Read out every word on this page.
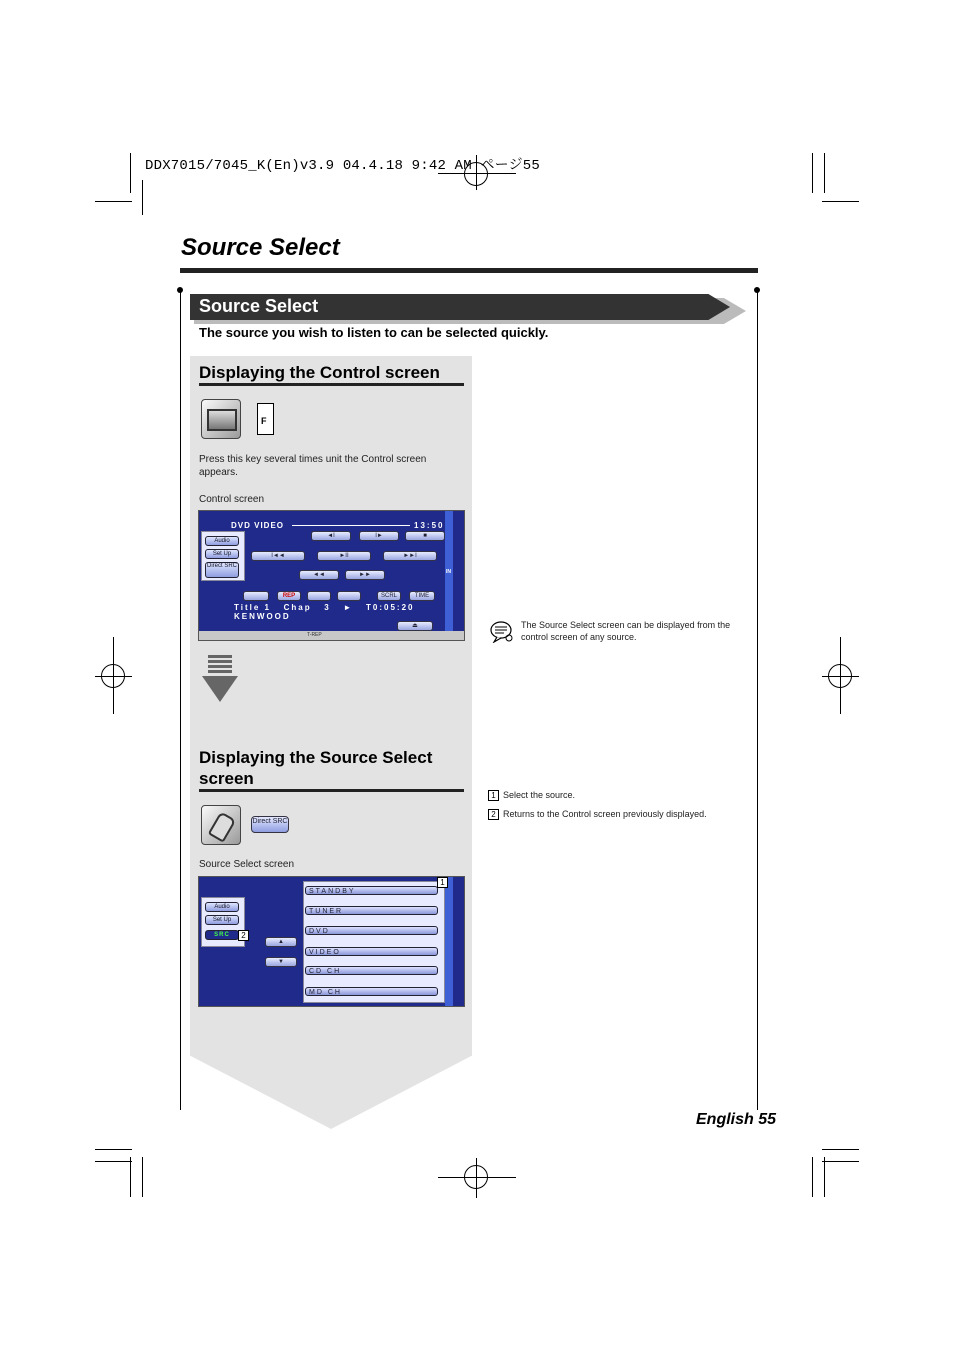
DDX7015/7045_K(En)v3.9 04.4.18 9:42 AM ページ55
Source Select
Source Select
The source you wish to listen to can be selected quickly.
Displaying the Control screen
F
Press this key several times unit the Control screen appears.
Control screen
DVD VIDEO	13:50
IN
Audio
Set Up
Direct SRC
◄I	I►	■
I◄◄	►II	►►I
◄◄	►►
REP	SCRL	TIME
Title 1   Chap   3   ►   T0:05:20
KENWOOD
⏏
T-REP
Displaying the Source Select screen
Direct SRC
Source Select screen
Audio
Set Up
SRC
▲
▼
STANDBY
TUNER
DVD
VIDEO
CD CH
MD CH
1
2
The Source Select screen can be displayed from the control screen of any source.
1 Select the source.
2 Returns to the Control screen previously displayed.
English 55
